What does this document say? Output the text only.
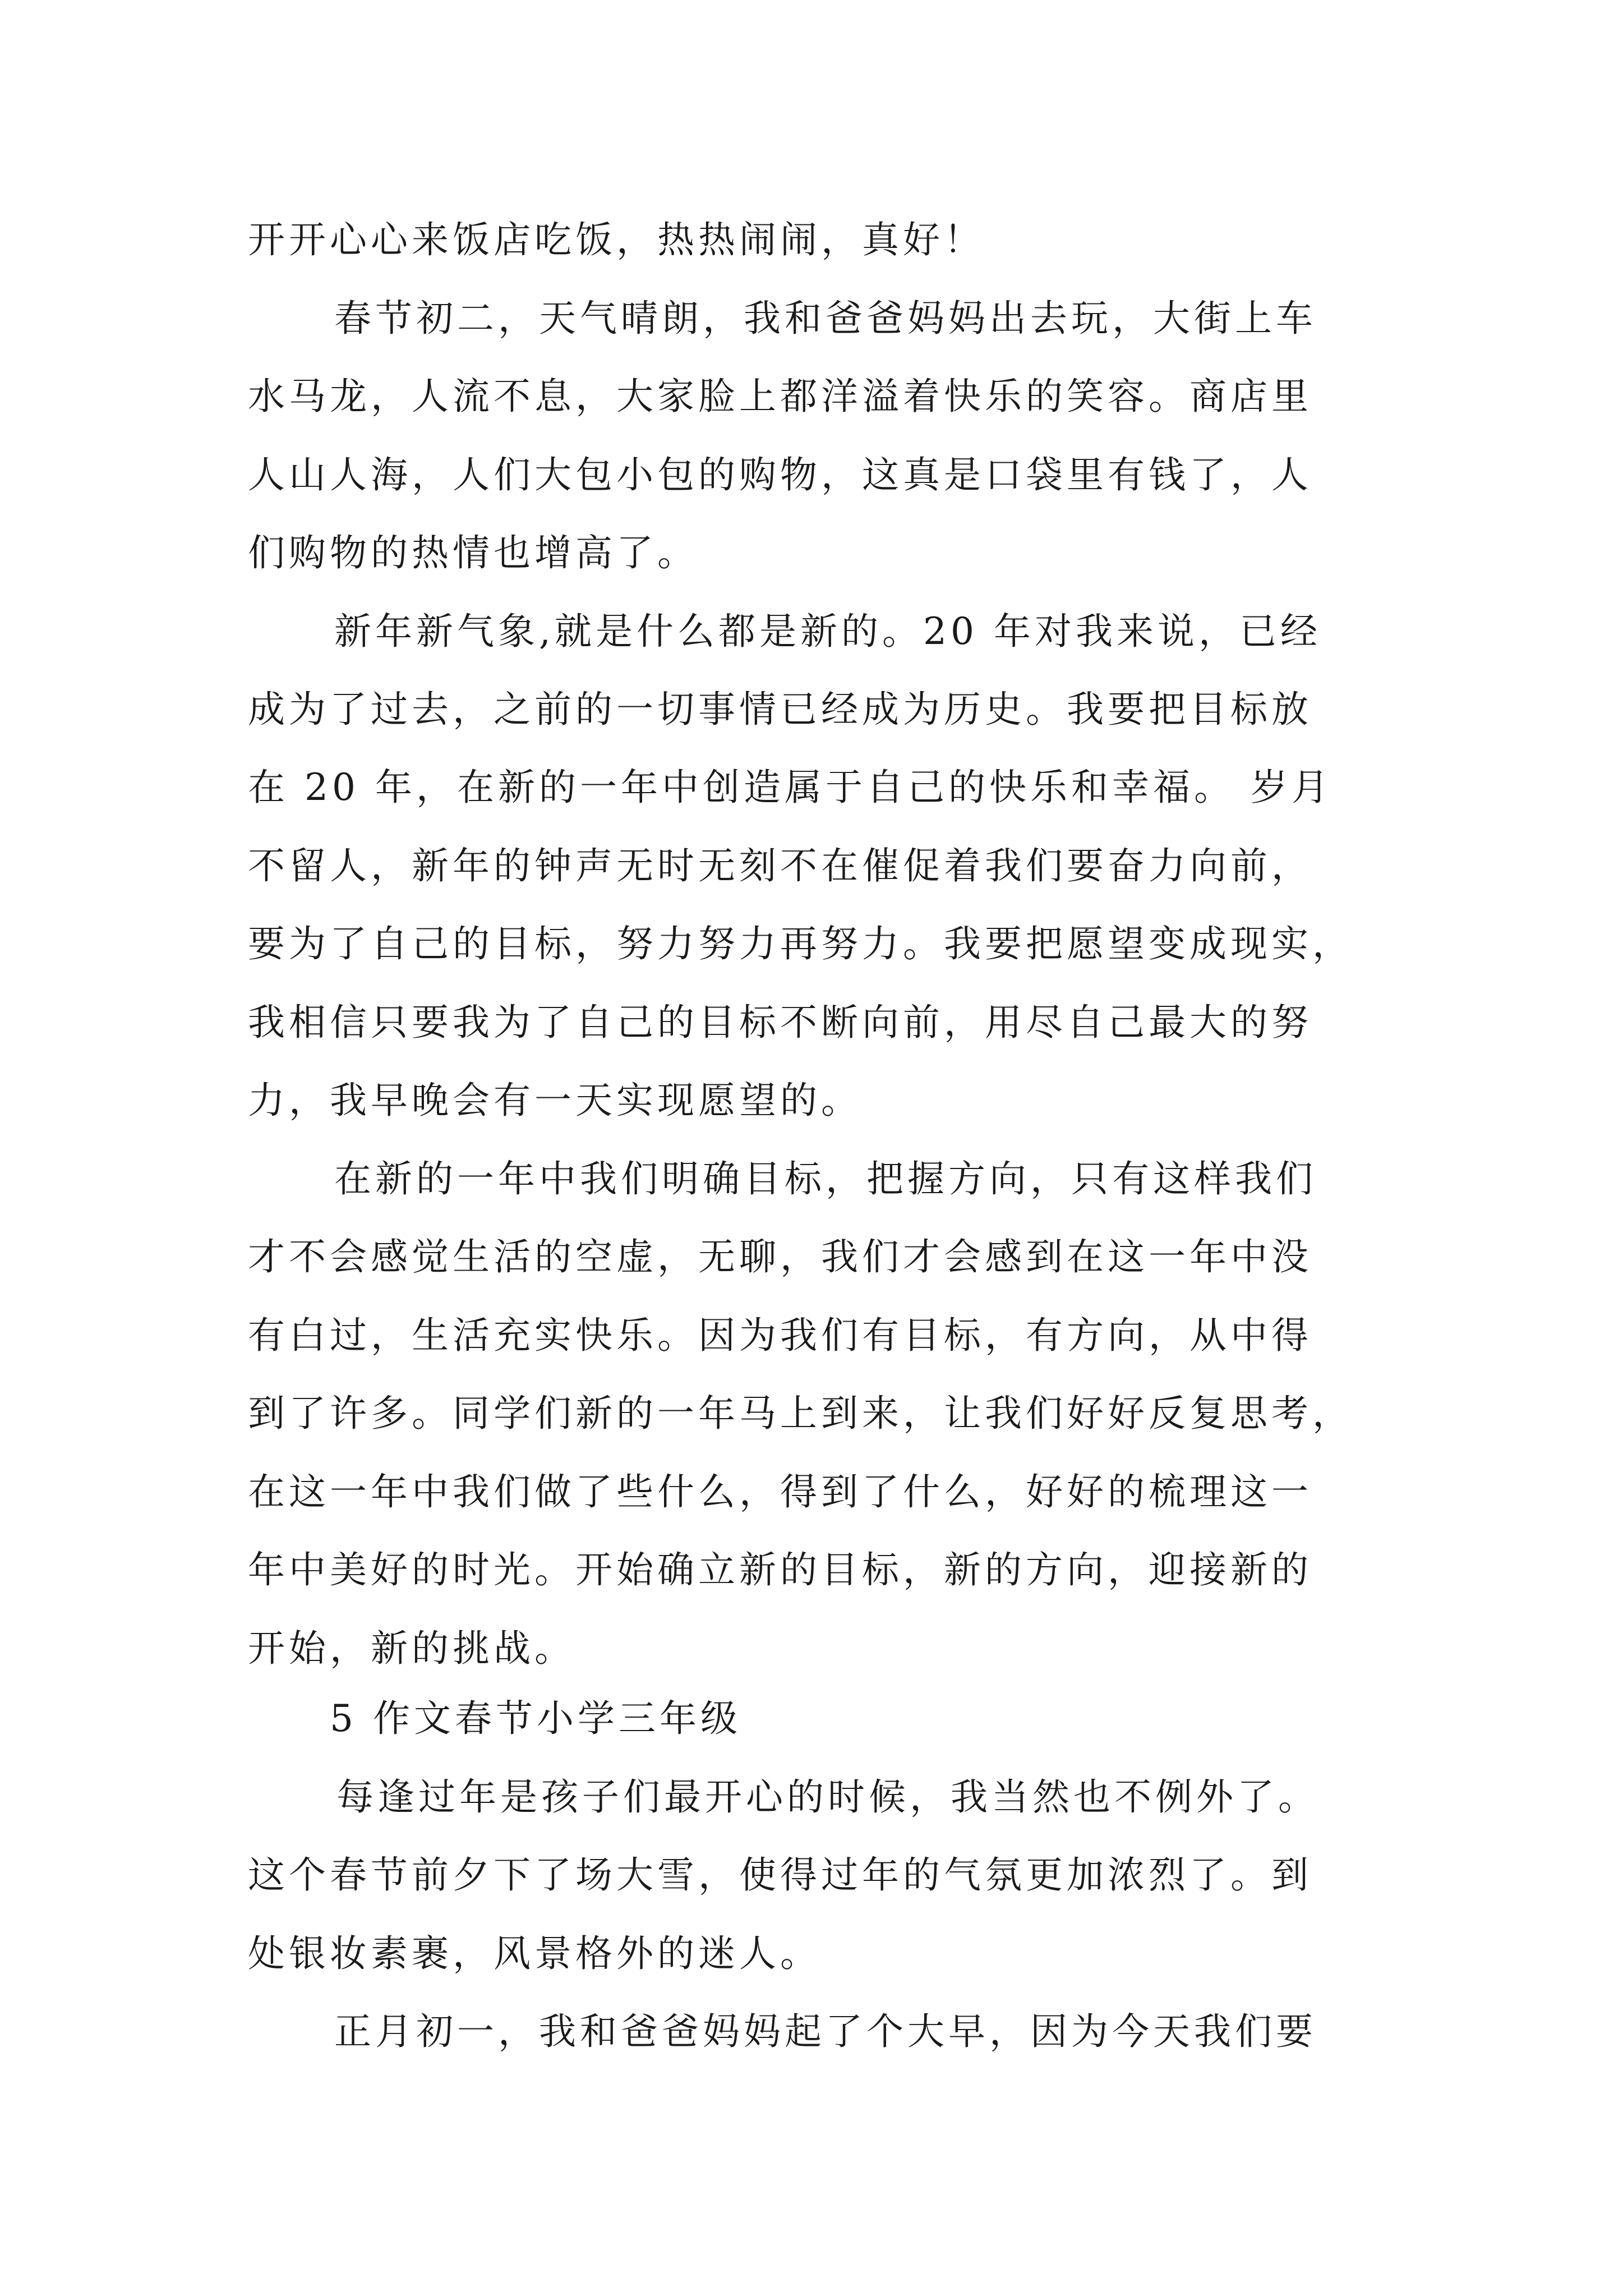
开开心心来饭店吃饭，热热闹闹，真好！
春节初二，天气晴朗，我和爸爸妈妈出去玩，大街上车
水马龙，人流不息，大家脸上都洋溢着快乐的笑容。商店里
人山人海，人们大包小包的购物，这真是口袋里有钱了，人
们购物的热情也增高了。
新年新气象,就是什么都是新的。20 年对我来说，已经
成为了过去，之前的一切事情已经成为历史。我要把目标放
在 20 年，在新的一年中创造属于自己的快乐和幸福。 岁月
不留人，新年的钟声无时无刻不在催促着我们要奋力向前，
要为了自己的目标，努力努力再努力。我要把愿望变成现实，
我相信只要我为了自己的目标不断向前，用尽自己最大的努
力，我早晚会有一天实现愿望的。
在新的一年中我们明确目标，把握方向，只有这样我们
才不会感觉生活的空虚，无聊，我们才会感到在这一年中没
有白过，生活充实快乐。因为我们有目标，有方向，从中得
到了许多。同学们新的一年马上到来，让我们好好反复思考，
在这一年中我们做了些什么，得到了什么，好好的梳理这一
年中美好的时光。开始确立新的目标，新的方向，迎接新的
开始，新的挑战。
5 作文春节小学三年级
每逢过年是孩子们最开心的时候，我当然也不例外了。
这个春节前夕下了场大雪，使得过年的气氛更加浓烈了。到
处银妆素裹，风景格外的迷人。
正月初一，我和爸爸妈妈起了个大早，因为今天我们要
